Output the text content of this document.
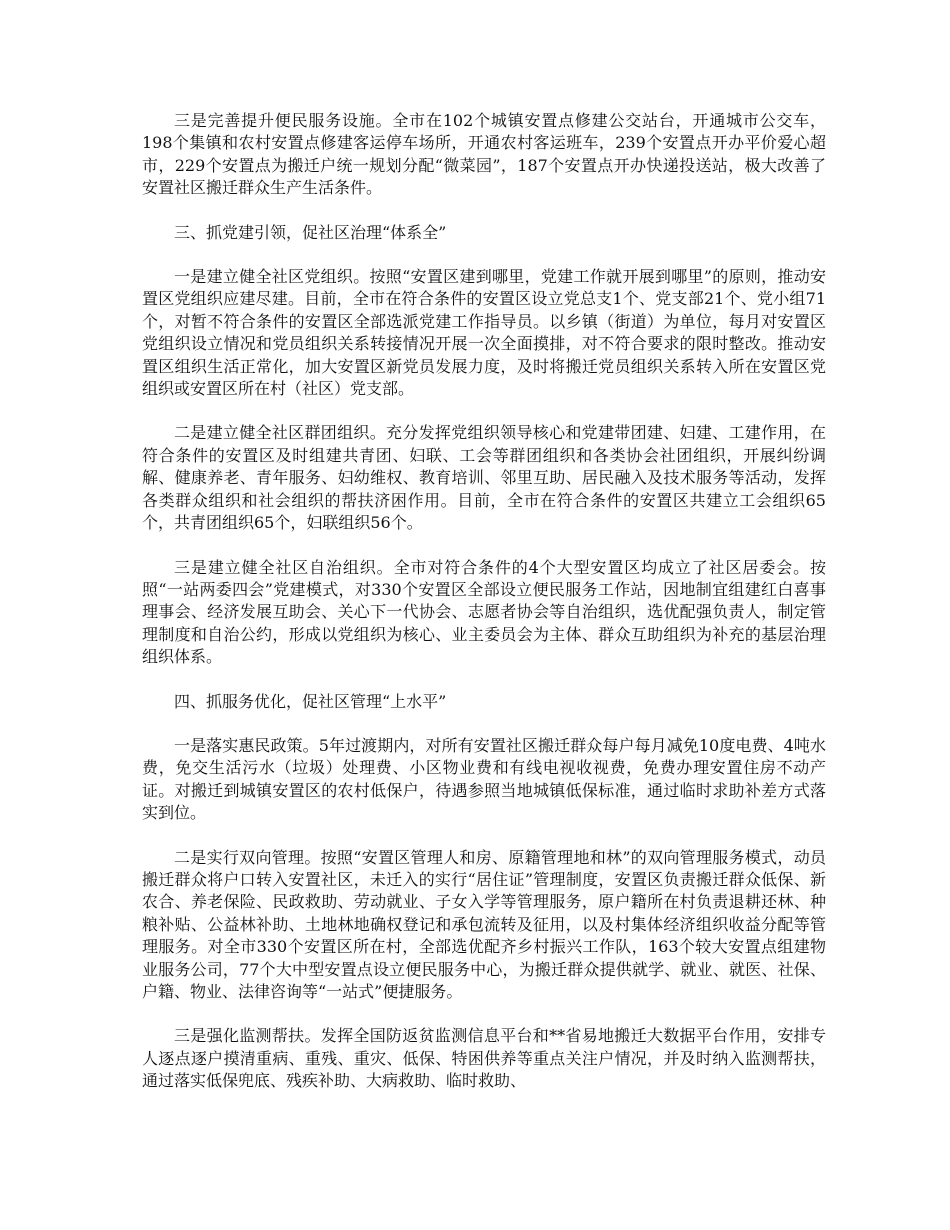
三是完善提升便民服务设施。全市在102个城镇安置点修建公交站台，开通城市公交车，198个集镇和农村安置点修建客运停车场所，开通农村客运班车，239个安置点开办平价爱心超市，229个安置点为搬迁户统一规划分配“微菜园”，187个安置点开办快递投送站，极大改善了安置社区搬迁群众生产生活条件。

三、抓党建引领，促社区治理“体系全”

一是建立健全社区党组织。按照“安置区建到哪里，党建工作就开展到哪里”的原则，推动安置区党组织应建尽建。目前，全市在符合条件的安置区设立党总支1个、党支部21个、党小组71个，对暂不符合条件的安置区全部选派党建工作指导员。以乡镇（街道）为单位，每月对安置区党组织设立情况和党员组织关系转接情况开展一次全面摸排，对不符合要求的限时整改。推动安置区组织生活正常化，加大安置区新党员发展力度，及时将搬迁党员组织关系转入所在安置区党组织或安置区所在村（社区）党支部。

二是建立健全社区群团组织。充分发挥党组织领导核心和党建带团建、妇建、工建作用，在符合条件的安置区及时组建共青团、妇联、工会等群团组织和各类协会社团组织，开展纠纷调解、健康养老、青年服务、妇幼维权、教育培训、邻里互助、居民融入及技术服务等活动，发挥各类群众组织和社会组织的帮扶济困作用。目前，全市在符合条件的安置区共建立工会组织65个，共青团组织65个，妇联组织56个。

三是建立健全社区自治组织。全市对符合条件的4个大型安置区均成立了社区居委会。按照“一站两委四会”党建模式，对330个安置区全部设立便民服务工作站，因地制宜组建红白喜事理事会、经济发展互助会、关心下一代协会、志愿者协会等自治组织，选优配强负责人，制定管理制度和自治公约，形成以党组织为核心、业主委员会为主体、群众互助组织为补充的基层治理组织体系。

四、抓服务优化，促社区管理“上水平”

一是落实惠民政策。5年过渡期内，对所有安置社区搬迁群众每户每月减免10度电费、4吨水费，免交生活污水（垃圾）处理费、小区物业费和有线电视收视费，免费办理安置住房不动产证。对搬迁到城镇安置区的农村低保户，待遇参照当地城镇低保标准，通过临时求助补差方式落实到位。

二是实行双向管理。按照“安置区管理人和房、原籍管理地和林”的双向管理服务模式，动员搬迁群众将户口转入安置社区，未迁入的实行“居住证”管理制度，安置区负责搬迁群众低保、新农合、养老保险、民政救助、劳动就业、子女入学等管理服务，原户籍所在村负责退耕还林、种粮补贴、公益林补助、土地林地确权登记和承包流转及征用，以及村集体经济组织收益分配等管理服务。对全市330个安置区所在村，全部选优配齐乡村振兴工作队，163个较大安置点组建物业服务公司，77个大中型安置点设立便民服务中心，为搬迁群众提供就学、就业、就医、社保、户籍、物业、法律咨询等“一站式”便捷服务。

三是强化监测帮扶。发挥全国防返贫监测信息平台和**省易地搬迁大数据平台作用，安排专人逐点逐户摸清重病、重残、重灾、低保、特困供养等重点关注户情况，并及时纳入监测帮扶，通过落实低保兜底、残疾补助、大病救助、临时救助、
